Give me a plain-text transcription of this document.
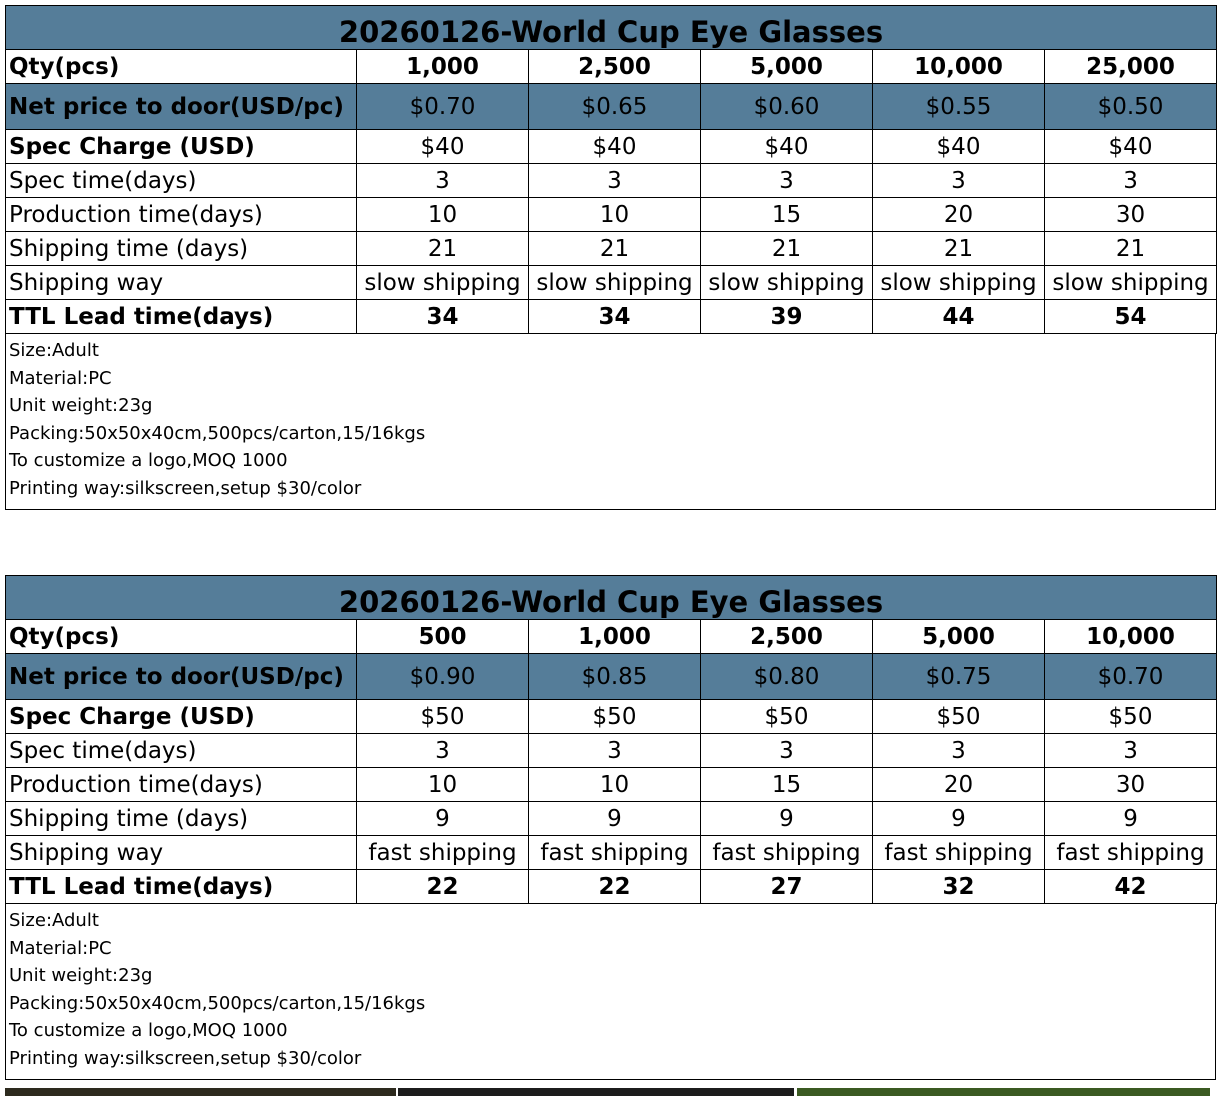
20260126-World Cup Eye Glasses					
Qty(pcs)	1,000	2,500	5,000	10,000	25,000
Net price to door(USD/pc)	$0.70	$0.65	$0.60	$0.55	$0.50
Spec Charge (USD)	$40	$40	$40	$40	$40
Spec time(days)	3	3	3	3	3
Production time(days)	10	10	15	20	30
Shipping time (days)	21	21	21	21	21
Shipping way	slow shipping	slow shipping	slow shipping	slow shipping	slow shipping
TTL Lead time(days)	34	34	39	44	54
Size:Adult
Material:PC
Unit weight:23g
Packing:50x50x40cm,500pcs/carton,15/16kgs
To customize a logo,MOQ 1000
Printing way:silkscreen,setup $30/color
20260126-World Cup Eye Glasses					
Qty(pcs)	500	1,000	2,500	5,000	10,000
Net price to door(USD/pc)	$0.90	$0.85	$0.80	$0.75	$0.70
Spec Charge (USD)	$50	$50	$50	$50	$50
Spec time(days)	3	3	3	3	3
Production time(days)	10	10	15	20	30
Shipping time (days)	9	9	9	9	9
Shipping way	fast shipping	fast shipping	fast shipping	fast shipping	fast shipping
TTL Lead time(days)	22	22	27	32	42
Size:Adult
Material:PC
Unit weight:23g
Packing:50x50x40cm,500pcs/carton,15/16kgs
To customize a logo,MOQ 1000
Printing way:silkscreen,setup $30/color
